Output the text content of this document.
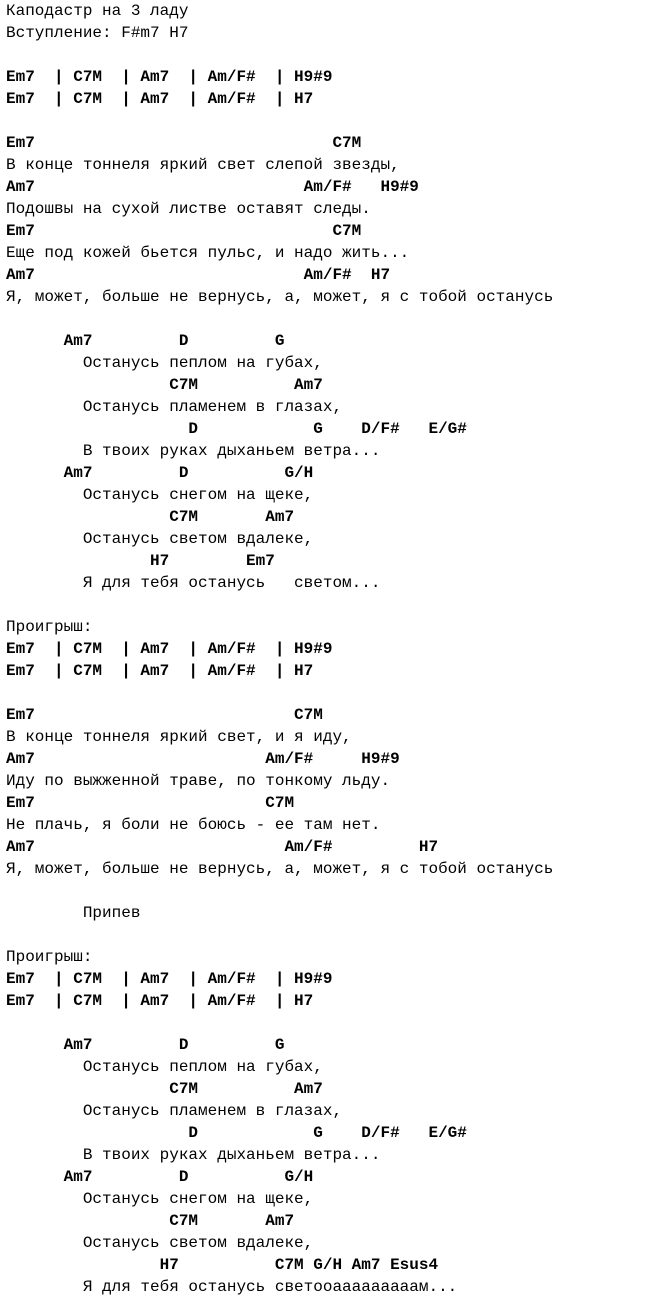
Каподастр на 3 ладу
Вступление: F#m7 H7
Em7  | C7M  | Am7  | Am/F#  | H9#9
Em7  | C7M  | Am7  | Am/F#  | H7
Em7                               C7M
В конце тоннеля яркий свет слепой звезды,
Am7                            Am/F#   H9#9
Подошвы на сухой листве оставят следы.
Em7                               C7M
Еще под кожей бьется пульс, и надо жить...
Am7                            Am/F#  H7
Я, может, больше не вернусь, а, может, я с тобой останусь
Am7         D         G
Останусь пеплом на губах,
C7M          Am7
Останусь пламенем в глазах,
D            G    D/F#   E/G#
В твоих руках дыханьем ветра...
Am7         D          G/H
Останусь снегом на щеке,
C7M       Am7
Останусь светом вдалеке,
H7        Em7
Я для тебя останусь   светом...
Проигрыш:
Em7  | C7M  | Am7  | Am/F#  | H9#9
Em7  | C7M  | Am7  | Am/F#  | H7
Em7                           C7M
В конце тоннеля яркий свет, и я иду,
Am7                        Am/F#     H9#9
Иду по выжженной траве, по тонкому льду.
Em7                        C7M
Не плачь, я боли не боюсь - ее там нет.
Am7                          Am/F#         H7
Я, может, больше не вернусь, а, может, я с тобой останусь
Припев
Проигрыш:
Em7  | C7M  | Am7  | Am/F#  | H9#9
Em7  | C7M  | Am7  | Am/F#  | H7
Am7         D         G
Останусь пеплом на губах,
C7M          Am7
Останусь пламенем в глазах,
D            G    D/F#   E/G#
В твоих руках дыханьем ветра...
Am7         D          G/H
Останусь снегом на щеке,
C7M       Am7
Останусь светом вдалеке,
H7          C7M G/H Am7 Esus4
Я для тебя останусь светооааааааааам...
